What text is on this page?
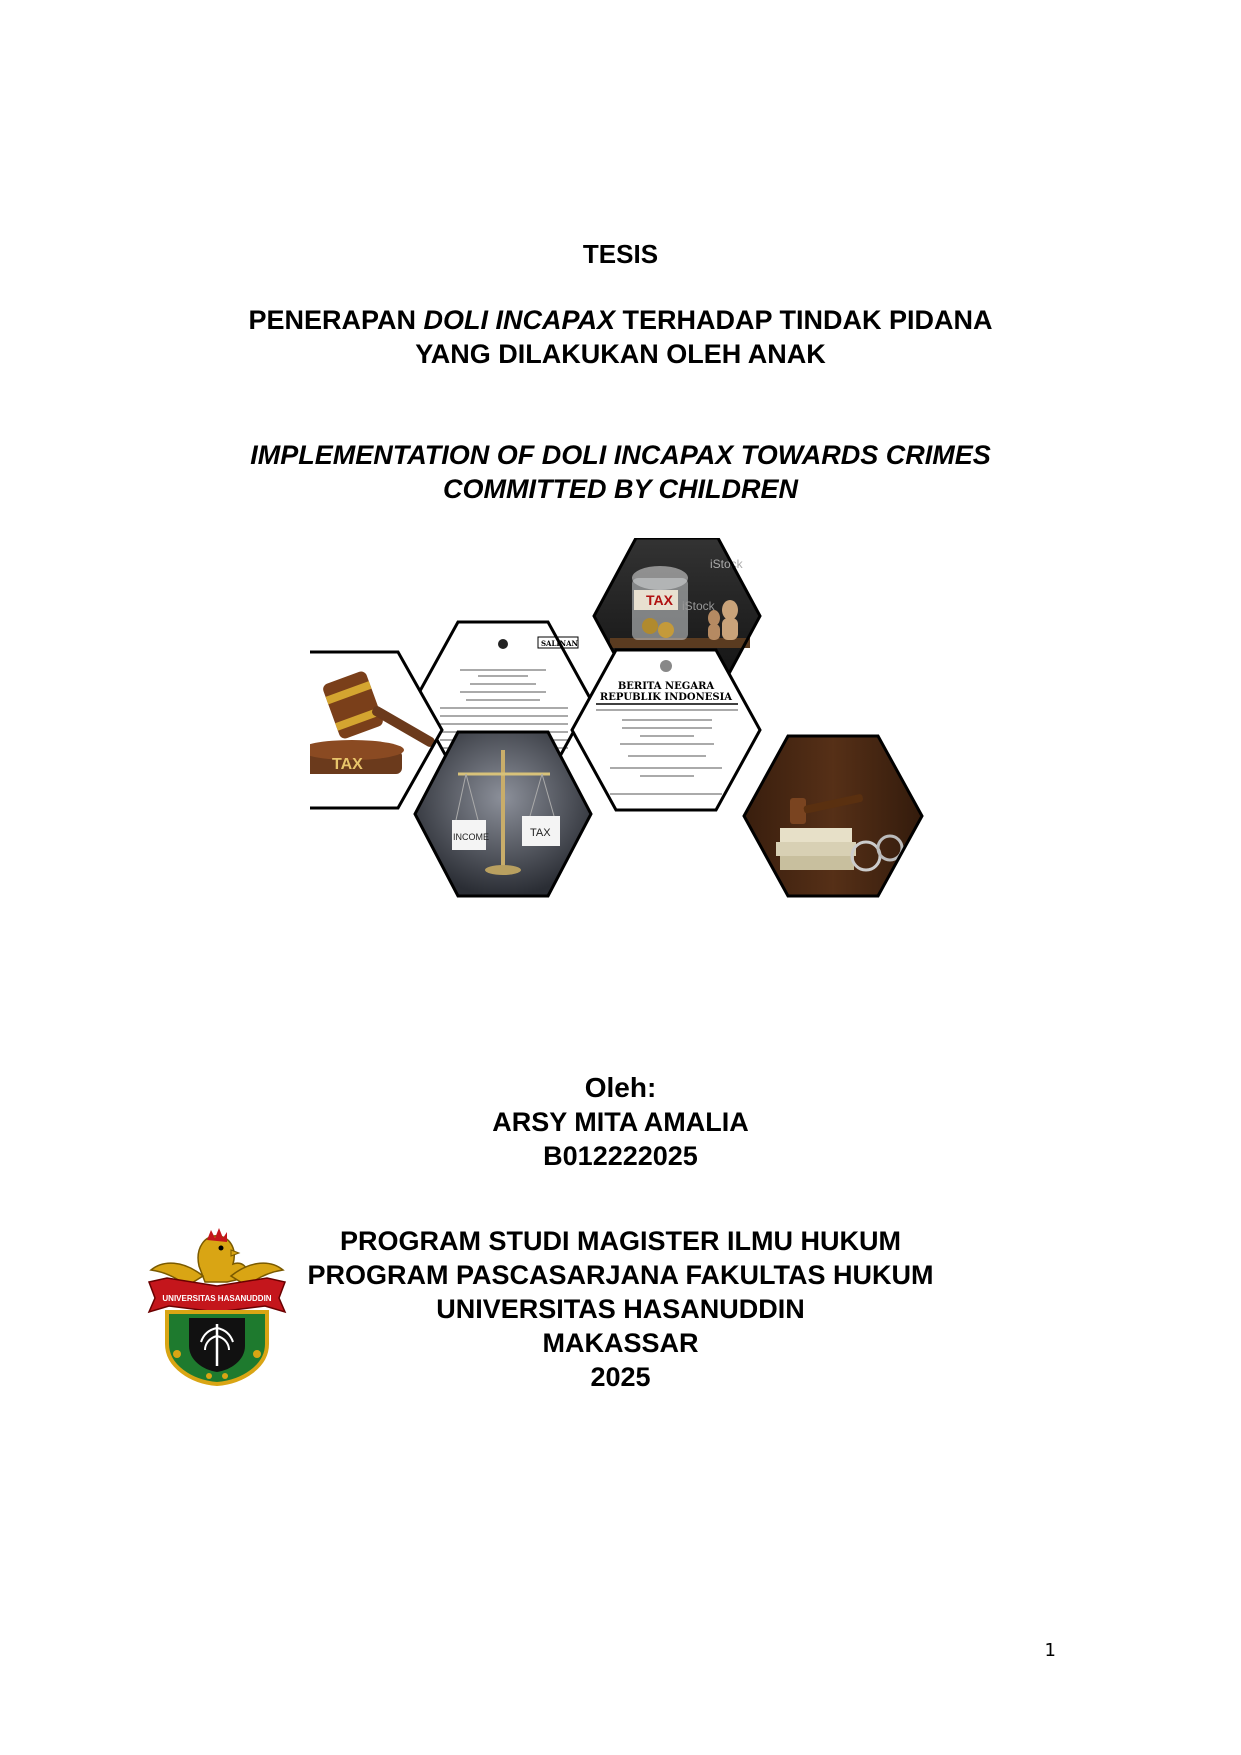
TESIS
PENERAPAN DOLI INCAPAX TERHADAP TINDAK PIDANA
YANG DILAKUKAN OLEH ANAK
IMPLEMENTATION OF DOLI INCAPAX TOWARDS CRIMES
COMMITTED BY CHILDREN
TAX
iStock
iStock
SALINAN
TAX
INCOME	TAX
BERITA NEGARA
REPUBLIK INDONESIA
Oleh:
ARSY MITA AMALIA
B012222025
UNIVERSITAS HASANUDDIN
PROGRAM STUDI MAGISTER ILMU HUKUM
PROGRAM PASCASARJANA FAKULTAS HUKUM
UNIVERSITAS HASANUDDIN
MAKASSAR
2025
1
